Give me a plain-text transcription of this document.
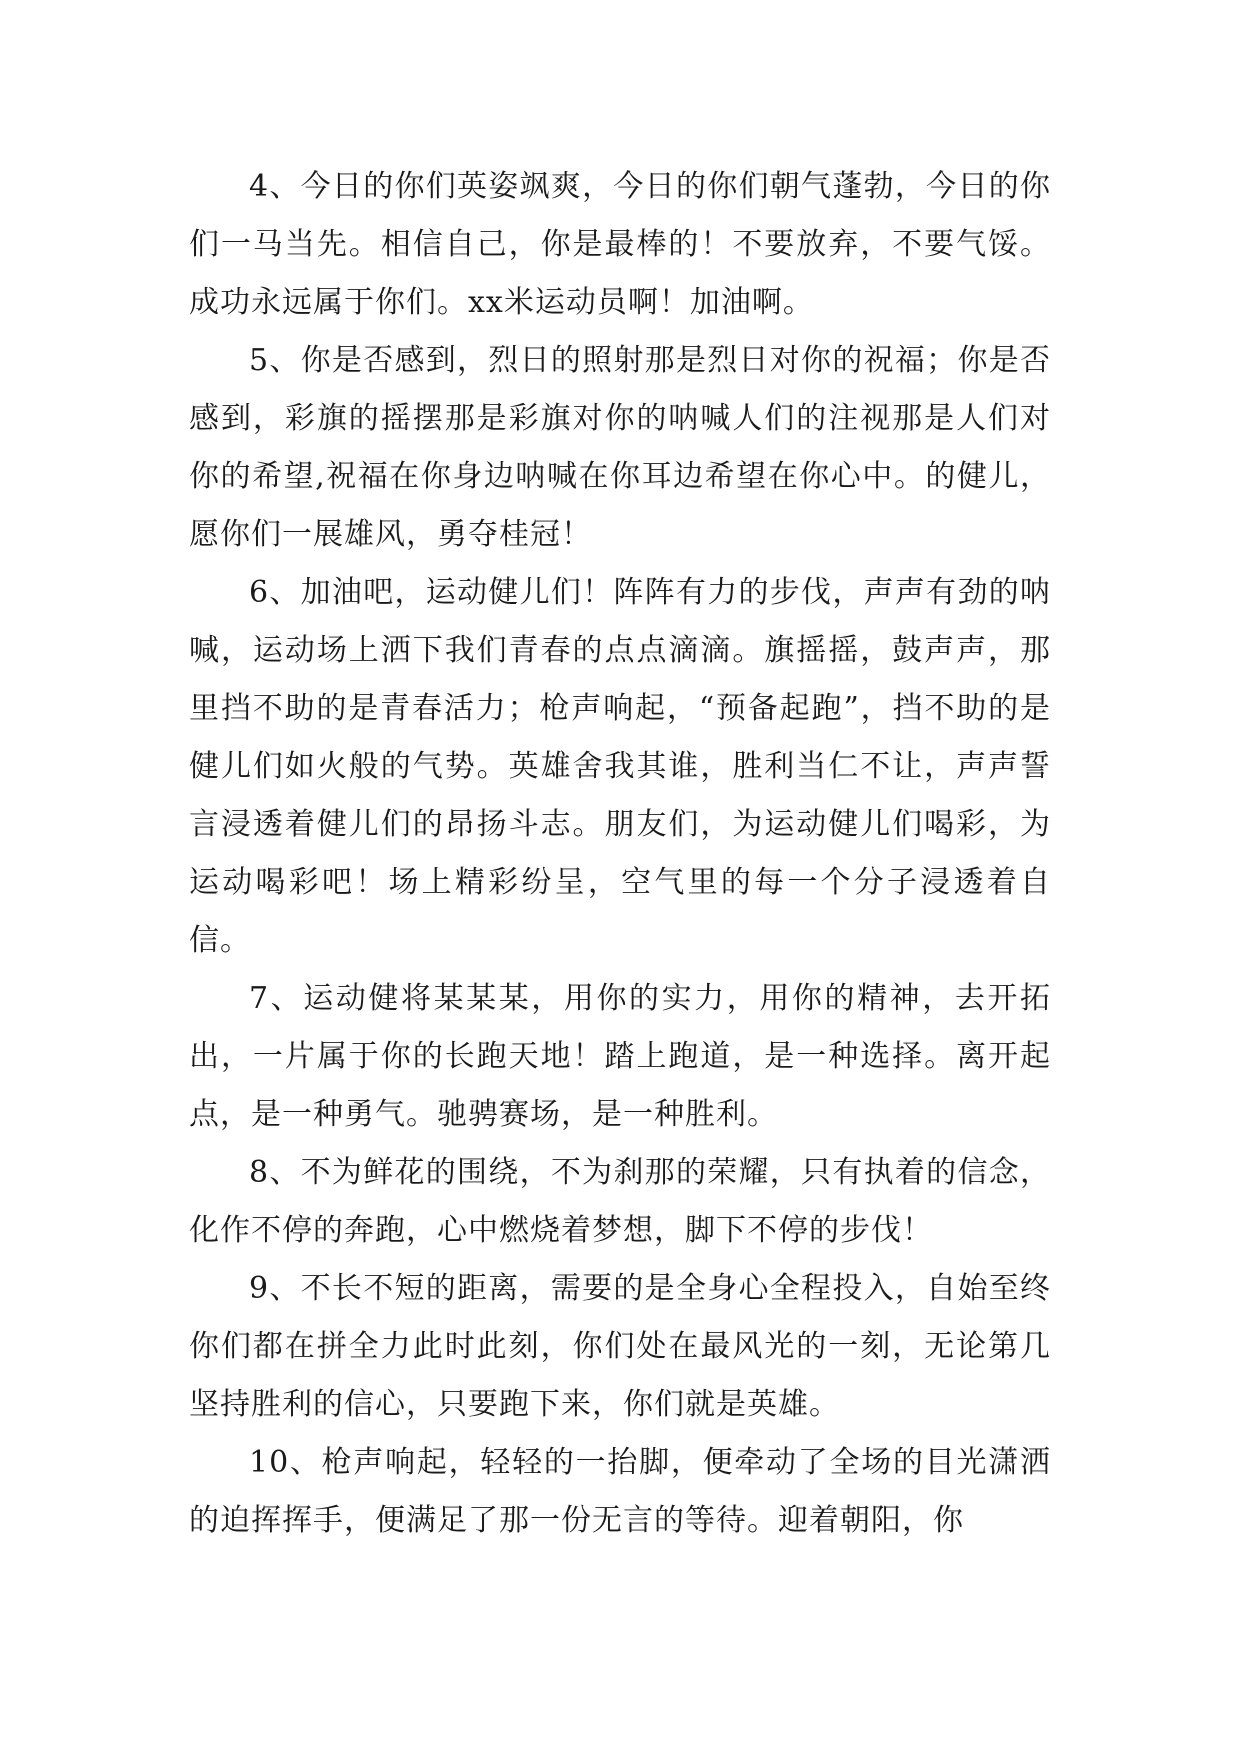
4、今日的你们英姿飒爽，今日的你们朝气蓬勃，今日的你们一马当先。相信自己，你是最棒的！不要放弃，不要气馁。成功永远属于你们。xx米运动员啊！加油啊。

5、你是否感到，烈日的照射那是烈日对你的祝福；你是否感到，彩旗的摇摆那是彩旗对你的呐喊人们的注视那是人们对你的希望,祝福在你身边呐喊在你耳边希望在你心中。的健儿，愿你们一展雄风，勇夺桂冠！

6、加油吧，运动健儿们！阵阵有力的步伐，声声有劲的呐喊，运动场上洒下我们青春的点点滴滴。旗摇摇，鼓声声，那里挡不助的是青春活力；枪声响起，“预备起跑”，挡不助的是健儿们如火般的气势。英雄舍我其谁，胜利当仁不让，声声誓言浸透着健儿们的昂扬斗志。朋友们，为运动健儿们喝彩，为运动喝彩吧！场上精彩纷呈，空气里的每一个分子浸透着自信。

7、运动健将某某某，用你的实力，用你的精神，去开拓出，一片属于你的长跑天地！踏上跑道，是一种选择。离开起点，是一种勇气。驰骋赛场，是一种胜利。

8、不为鲜花的围绕，不为刹那的荣耀，只有执着的信念，化作不停的奔跑，心中燃烧着梦想，脚下不停的步伐！

9、不长不短的距离，需要的是全身心全程投入，自始至终你们都在拼全力此时此刻，你们处在最风光的一刻，无论第几坚持胜利的信心，只要跑下来，你们就是英雄。

10、枪声响起，轻轻的一抬脚，便牵动了全场的目光潇洒的迫挥挥手，便满足了那一份无言的等待。迎着朝阳，你
